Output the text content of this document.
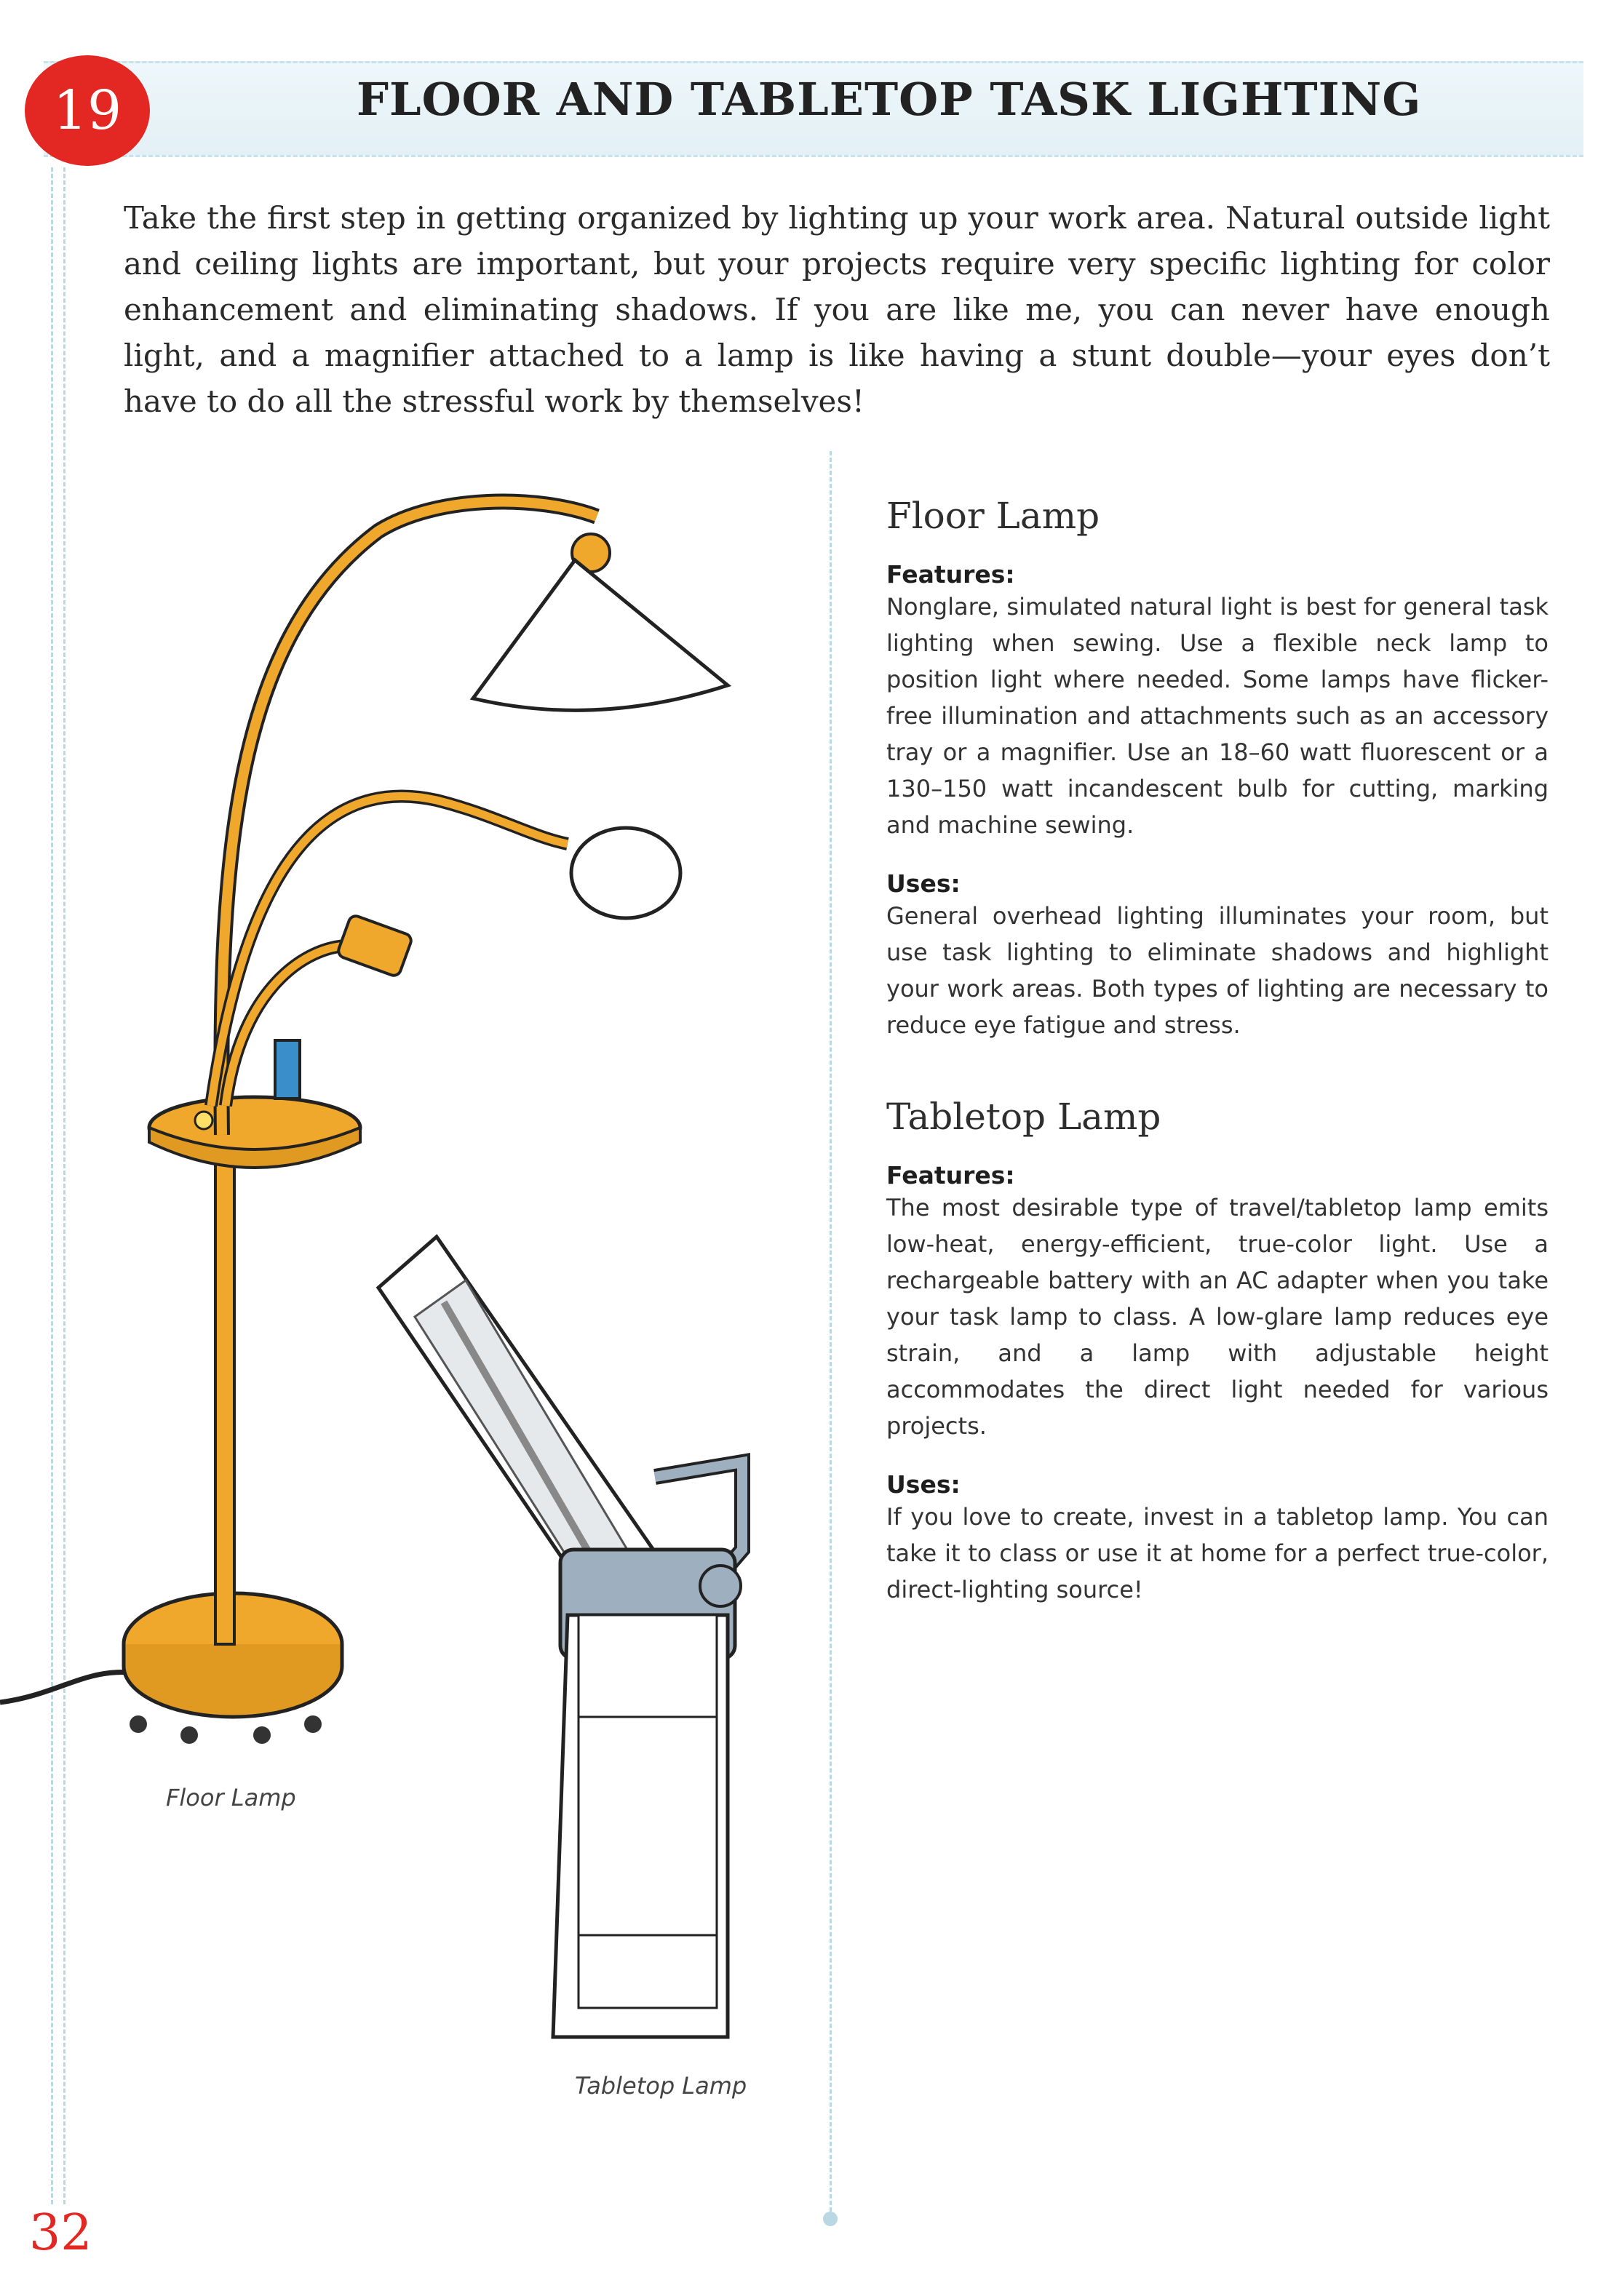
19	FLOOR AND TABLETOP TASK LIGHTING
Take the first step in getting organized by lighting up your work area. Natural outside light and ceiling lights are important, but your projects require very specific lighting for color enhancement and eliminating shadows. If you are like me, you can never have enough light, and a magnifier attached to a lamp is like having a stunt double—your eyes don’t have to do all the stressful work by themselves!
Floor Lamp
Tabletop Lamp
Floor Lamp

Features:

Nonglare, simulated natural light is best for general task lighting when sewing. Use a flexible neck lamp to position light where needed. Some lamps have flicker-free illumination and attachments such as an accessory tray or a magnifier. Use an 18–60 watt fluorescent or a 130–150 watt incandescent bulb for cutting, marking and machine sewing.

Uses:

General overhead lighting illuminates your room, but use task lighting to eliminate shadows and highlight your work areas. Both types of lighting are necessary to reduce eye fatigue and stress.

Tabletop Lamp

Features:

The most desirable type of travel/tabletop lamp emits low-heat, energy-efficient, true-color light. Use a rechargeable battery with an AC adapter when you take your task lamp to class. A low-glare lamp reduces eye strain, and a lamp with adjustable height accommodates the direct light needed for various projects.

Uses:

If you love to create, invest in a tabletop lamp. You can take it to class or use it at home for a perfect true-color, direct-lighting source!

32
